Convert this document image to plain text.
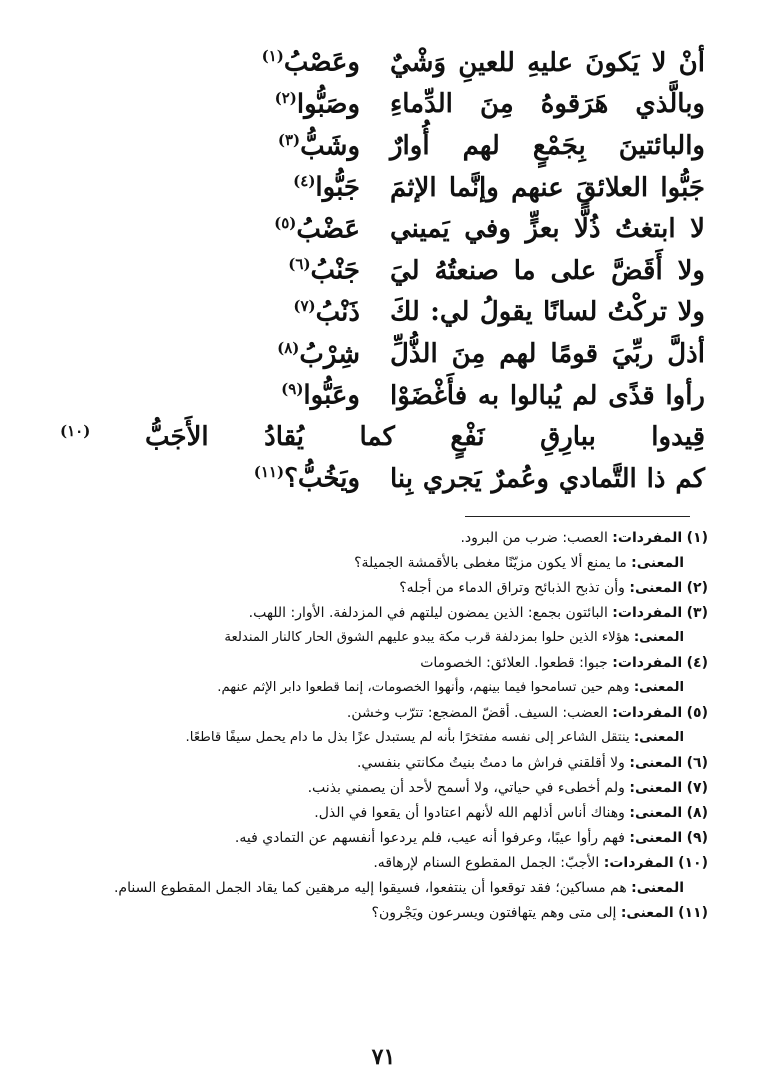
أنْ لا يَكونَ عليهِ للعينِ وَشْيٌ
وعَصْبُ$^{(١)}$
وبالَّذي هَرَقوهُ مِنَ الدِّماءِ
وصَبُّوا$^{(٢)}$
والبائتينَ بِجَمْعٍ لهم أُوارٌ
وشَبُّ$^{(٣)}$
جَبُّوا العلائقَ عنهم وإنَّما الإثمَ
جَبُّوا$^{(٤)}$
لا ابتغتُ ذُلًّا بعزٍّ وفي يَميني
عَضْبُ$^{(٥)}$
ولا أَقَضَّ على ما صنعتُهُ ليَ
جَنْبُ$^{(٦)}$
ولا تركْتُ لسانًا يقولُ لي: لكَ
ذَنْبُ$^{(٧)}$
أذلَّ ربِّيَ قومًا لهم مِنَ الذُّلِّ
شِرْبُ$^{(٨)}$
رأوا قذًى لم يُبالوا به فأَغْضَوْا
وعَبُّوا$^{(٩)}$
قِيدوا ببارِقِ نَفْعٍ كما يُقادُ الأَجَبُّ
$^{(١٠)}$
كم ذا التَّمادي وعُمرٌ يَجري بِنا
ويَخُبُّ؟$^{(١١)}$
(١) المفردات: العصب: ضرب من البرود.
المعنى: ما يمنع ألا يكون مزيّنًا مغطى بالأقمشة الجميلة؟
(٢) المعنى: وأن تذبح الذبائح وتراق الدماء من أجله؟
(٣) المفردات: البائتون بجمع: الذين يمضون ليلتهم في المزدلفة. الأوار: اللهب.
المعنى: هؤلاء الذين حلوا بمزدلفة قرب مكة يبدو عليهم الشوق الحار كالنار المندلعة
(٤) المفردات: جبوا: قطعوا. العلائق: الخصومات
المعنى: وهم حين تسامحوا فيما بينهم، وأنهوا الخصومات، إنما قطعوا دابر الإثم عنهم.
(٥) المفردات: العضب: السيف. أقضّ المضجع: تترّب وخشن.
المعنى: ينتقل الشاعر إلى نفسه مفتخرًا بأنه لم يستبدل عزًا بذل ما دام يحمل سيفًا قاطعًا.
(٦) المعنى: ولا أقلقني فراش ما دمتُ بنيتُ مكانتي بنفسي.
(٧) المعنى: ولم أخطىء في حياتي، ولا أسمح لأحد أن يصمني بذنب.
(٨) المعنى: وهناك أناس أذلهم الله لأنهم اعتادوا أن يقعوا في الذل.
(٩) المعنى: فهم رأوا عيبًا، وعرفوا أنه عيب، فلم يردعوا أنفسهم عن التمادي فيه.
(١٠) المفردات: الأجبّ: الجمل المقطوع السنام لإرهاقه.
المعنى: هم مساكين؛ فقد توقعوا أن ينتفعوا، فسيقوا إليه مرهقين كما يقاد الجمل المقطوع السنام.
(١١) المعنى: إلى متى وهم يتهافتون ويسرعون ويَجْرون؟
٧١
